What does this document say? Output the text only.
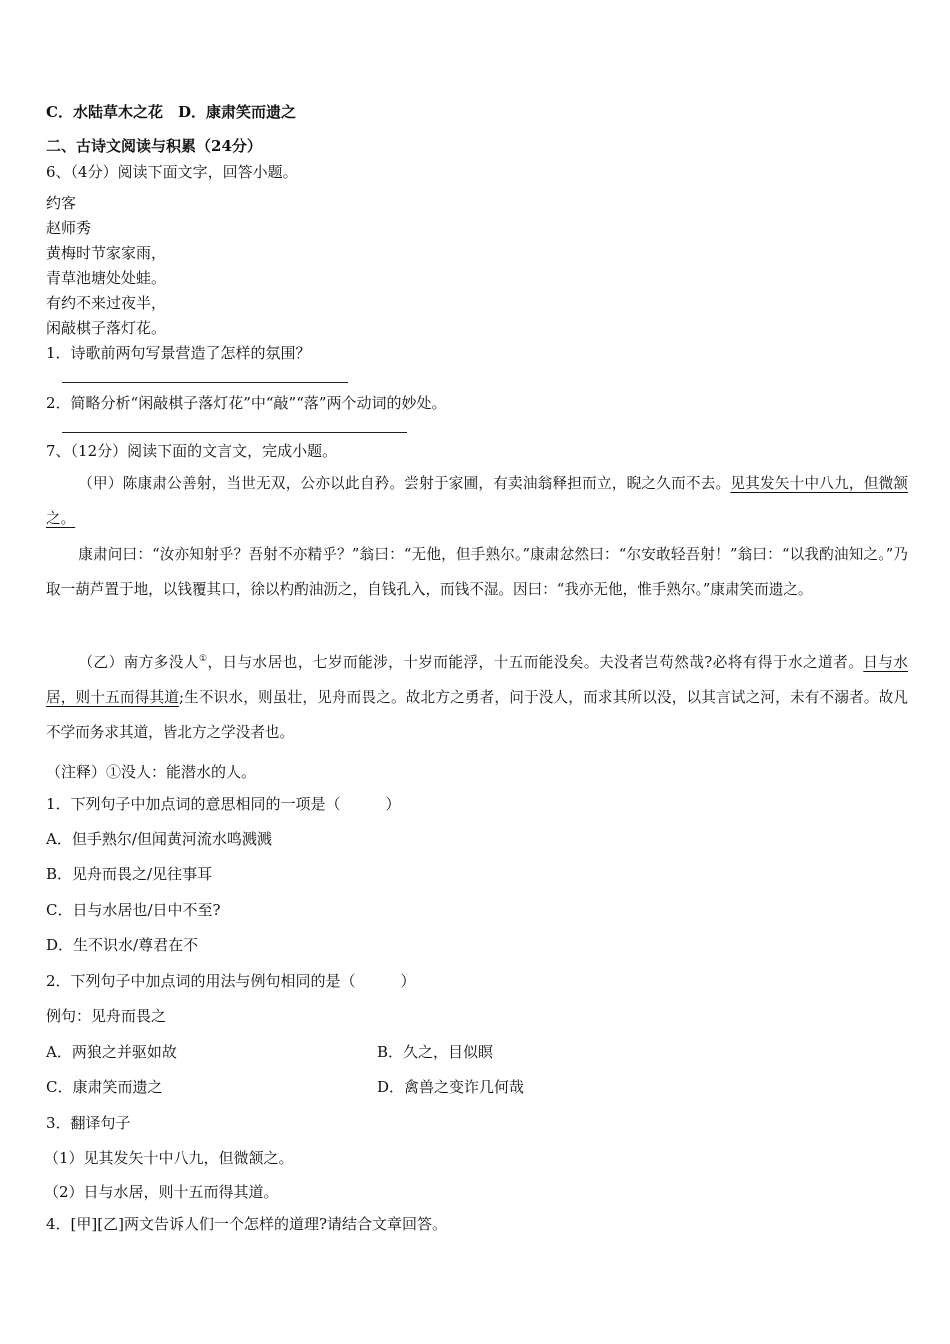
C．水陆草木之花　D．康肃笑而遗之
二、古诗文阅读与积累（24分）
6、（4分）阅读下面文字，回答小题。
约客
赵师秀
黄梅时节家家雨，
青草池塘处处蛙。
有约不来过夜半，
闲敲棋子落灯花。
1．诗歌前两句写景营造了怎样的氛围？
2．简略分析“闲敲棋子落灯花”中“敲”“落”两个动词的妙处。
7、（12分）阅读下面的文言文，完成小题。
（甲）陈康肃公善射，当世无双，公亦以此自矜。尝射于家圃，有卖油翁释担而立，睨之久而不去。见其发矢十中八九，但微颔之。
康肃问曰：“汝亦知射乎？吾射不亦精乎？”翁曰：“无他，但手熟尔。”康肃忿然曰：“尔安敢轻吾射！”翁曰：“以我酌油知之。”乃取一葫芦置于地，以钱覆其口，徐以杓酌油沥之，自钱孔入，而钱不湿。因曰：“我亦无他，惟手熟尔。”康肃笑而遗之。
（乙）南方多没人①，日与水居也，七岁而能涉，十岁而能浮，十五而能没矣。夫没者岂苟然哉?必将有得于水之道者。日与水居，则十五而得其道;生不识水，则虽壮，见舟而畏之。故北方之勇者，问于没人，而求其所以没，以其言试之河，未有不溺者。故凡不学而务求其道，皆北方之学没者也。
（注释）①没人：能潜水的人。
1．下列句子中加点词的意思相同的一项是（　　　）
A．但手熟尔/但闻黄河流水鸣溅溅
B．见舟而畏之/见往事耳
C．日与水居也/日中不至?
D．生不识水/尊君在不
2．下列句子中加点词的用法与例句相同的是（　　　）
例句：见舟而畏之
A．两狼之并驱如故	B．久之，目似瞑
C．康肃笑而遗之	D．禽兽之变诈几何哉
3．翻译句子
（1）见其发矢十中八九，但微颔之。
（2）日与水居，则十五而得其道。
4．[甲][乙]两文告诉人们一个怎样的道理?请结合文章回答。
